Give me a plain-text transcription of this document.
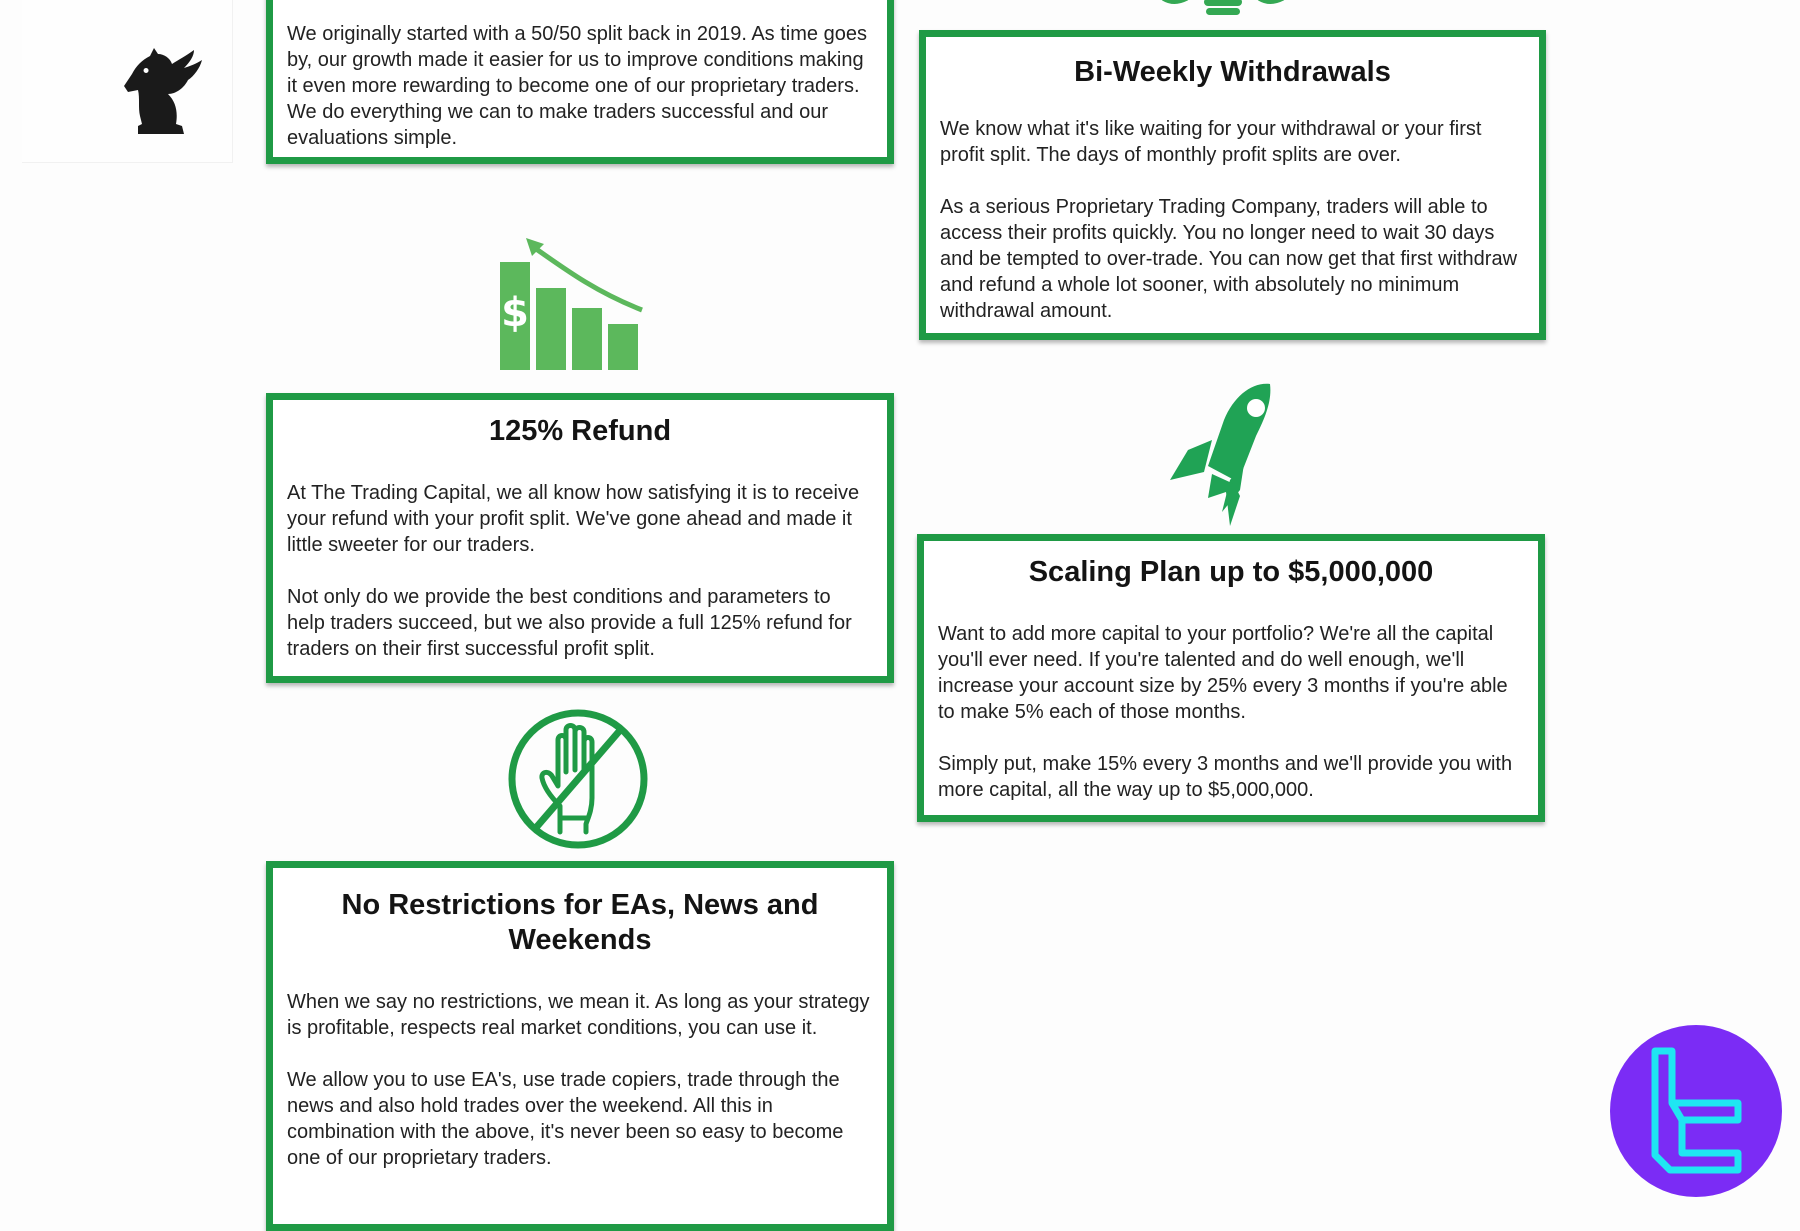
We originally started with a 50/50 split back in 2019. As time goes by, our growth made it easier for us to improve conditions making it even more rewarding to become one of our proprietary traders. We do everything we can to make traders successful and our evaluations simple.

Bi-Weekly Withdrawals

We know what it's like waiting for your withdrawal or your first profit split. The days of monthly profit splits are over.

As a serious Proprietary Trading Company, traders will able to access their profits quickly. You no longer need to wait 30 days and be tempted to over-trade. You can now get that first withdraw and refund a whole lot sooner, with absolutely no minimum withdrawal amount.

$
125% Refund

At The Trading Capital, we all know how satisfying it is to receive your refund with your profit split. We've gone ahead and made it little sweeter for our traders.

Not only do we provide the best conditions and parameters to help traders succeed, but we also provide a full 125% refund for traders on their first successful profit split.

Scaling Plan up to $5,000,000

Want to add more capital to your portfolio? We're all the capital you'll ever need. If you're talented and do well enough, we'll increase your account size by 25% every 3 months if you're able to make 5% each of those months.

Simply put, make 15% every 3 months and we'll provide you with more capital, all the way up to $5,000,000.

No Restrictions for EAs, News and Weekends

When we say no restrictions, we mean it. As long as your strategy is profitable, respects real market conditions, you can use it.

We allow you to use EA's, use trade copiers, trade through the news and also hold trades over the weekend. All this in combination with the above, it's never been so easy to become one of our proprietary traders.
